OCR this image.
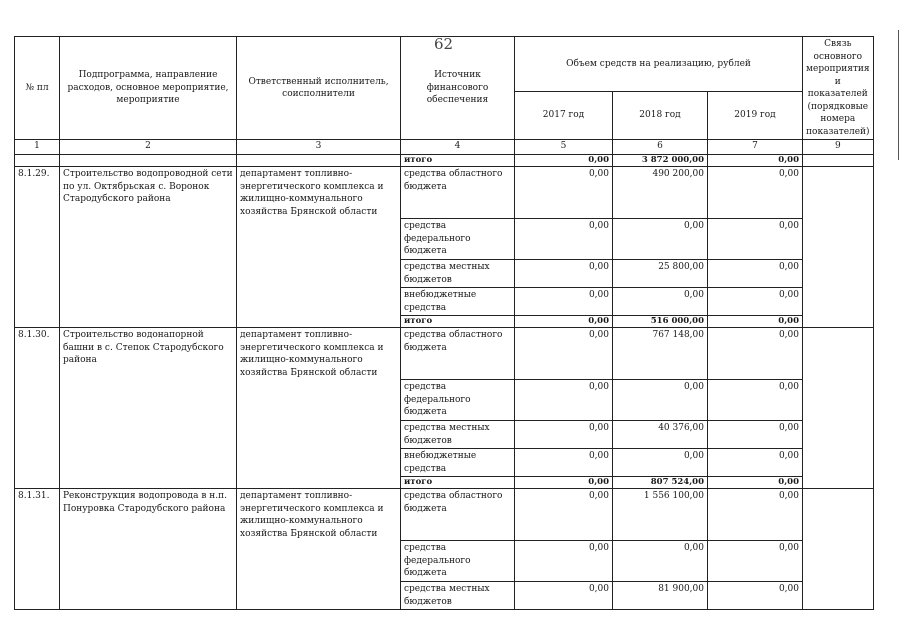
62
№ пл	Подпрограмма, направление расходов, основное мероприятие, мероприятие	Ответственный исполнитель, соисполнители	Источник финансового обеспечения	Объем средств на реализацию, рублей			Связь основного мероприятия и показателей (порядковые номера показателей)
				2017 год	2018 год	2019 год	
1	2	3	4	5	6	7	9
			итого	0,00	3 872 000,00	0,00	
8.1.29.	Строительство водопроводной сети по ул. Октябрьская с. Воронок Стародубского района	департамент топливно-энергетического комплекса и жилищно-коммунального хозяйства Брянской области	средства областного бюджета	0,00	490 200,00	0,00	
			средства федерального бюджета	0,00	0,00	0,00	
			средства местных бюджетов	0,00	25 800,00	0,00	
			внебюджетные средства	0,00	0,00	0,00	
			итого	0,00	516 000,00	0,00	
8.1.30.	Строительство водонапорной башни в с. Степок Стародубского района	департамент топливно-энергетического комплекса и жилищно-коммунального хозяйства Брянской области	средства областного бюджета	0,00	767 148,00	0,00	
			средства федерального бюджета	0,00	0,00	0,00	
			средства местных бюджетов	0,00	40 376,00	0,00	
			внебюджетные средства	0,00	0,00	0,00	
			итого	0,00	807 524,00	0,00	
8.1.31.	Реконструкция водопровода в н.п. Понуровка Стародубского района	департамент топливно-энергетического комплекса и жилищно-коммунального хозяйства Брянской области	средства областного бюджета	0,00	1 556 100,00	0,00	
			средства федерального бюджета	0,00	0,00	0,00	
			средства местных бюджетов	0,00	81 900,00	0,00	
